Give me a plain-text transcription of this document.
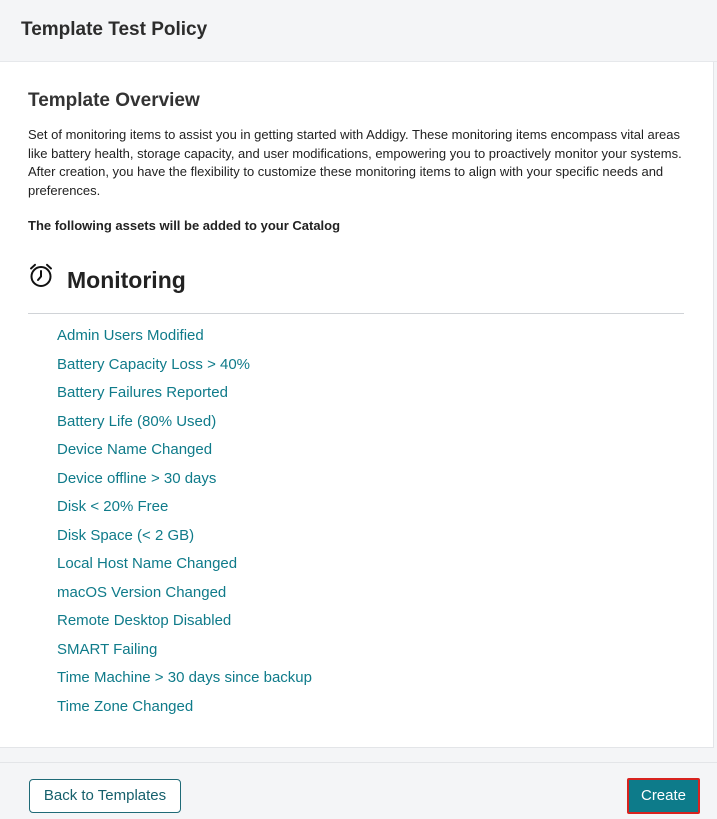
Template Test Policy
Template Overview
Set of monitoring items to assist you in getting started with Addigy. These monitoring items encompass vital areas like battery health, storage capacity, and user modifications, empowering you to proactively monitor your systems. After creation, you have the flexibility to customize these monitoring items to align with your specific needs and preferences.
The following assets will be added to your Catalog
Monitoring
Admin Users Modified
Battery Capacity Loss > 40%
Battery Failures Reported
Battery Life (80% Used)
Device Name Changed
Device offline > 30 days
Disk < 20% Free
Disk Space (< 2 GB)
Local Host Name Changed
macOS Version Changed
Remote Desktop Disabled
SMART Failing
Time Machine > 30 days since backup
Time Zone Changed
Back to Templates	Create
